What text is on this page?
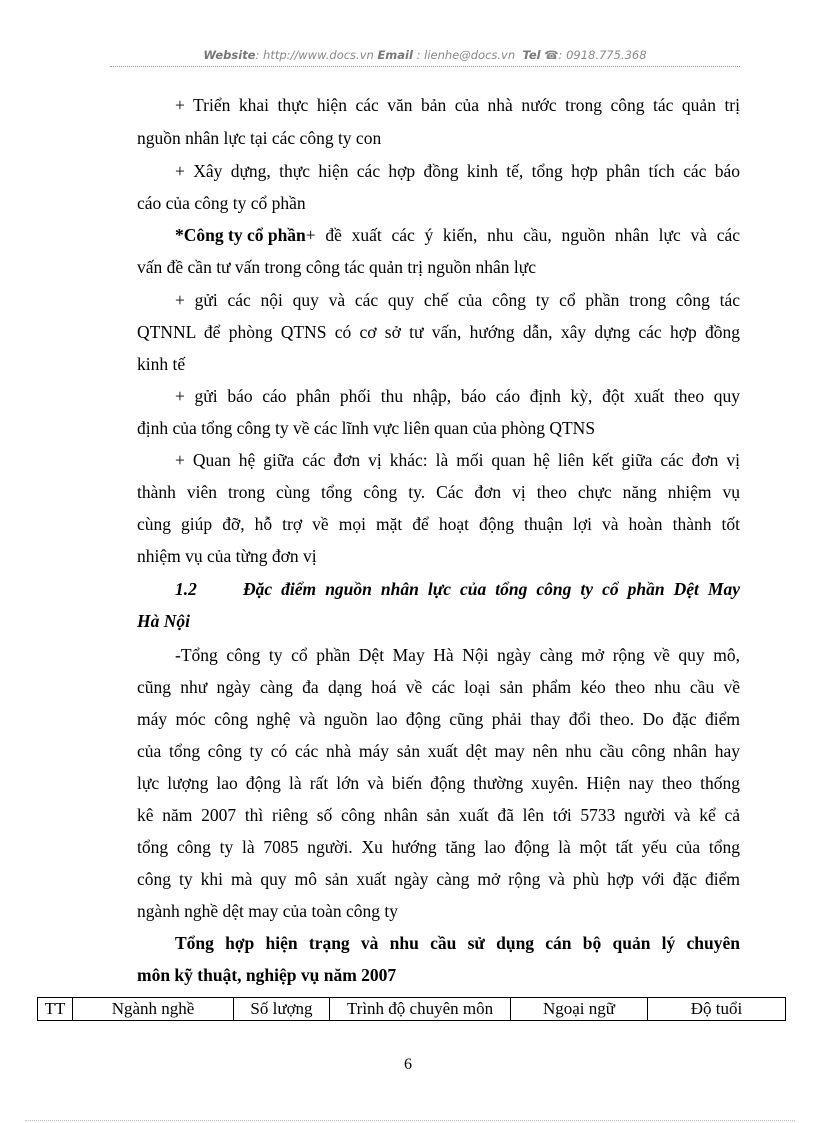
Website: http://www.docs.vn Email : lienhe@docs.vn Tel ☎: 0918.775.368
+ Triển khai thực hiện các văn bản của nhà nước trong công tác quản trị
nguồn nhân lực tại các công ty con
+ Xây dựng, thực hiện các hợp đồng kinh tế, tổng hợp phân tích các báo
cáo của công ty cổ phần
*Công ty cổ phần + đề xuất các ý kiến, nhu cầu, nguồn nhân lực và các
vấn đề cần tư vấn trong công tác quản trị nguồn nhân lực
+ gửi các nội quy và các quy chế của công ty cổ phần trong công tác
QTNNL để phòng QTNS có cơ sở tư vấn, hướng dẫn, xây dựng các hợp đồng
kinh tế
+ gửi báo cáo phân phối thu nhập, báo cáo định kỳ, đột xuất theo quy
định của tổng công ty về các lĩnh vực liên quan của phòng QTNS
+ Quan hệ giữa các đơn vị khác: là mối quan hệ liên kết giữa các đơn vị
thành viên trong cùng tổng công ty. Các đơn vị theo chực năng nhiệm vụ
cùng giúp đỡ, hỗ trợ về mọi mặt để hoạt động thuận lợi và hoàn thành tốt
nhiệm vụ của từng đơn vị
1.2	Đặc điểm nguồn nhân lực của tổng công ty cổ phần Dệt May
Hà Nội
-Tổng công ty cổ phần Dệt May Hà Nội ngày càng mở rộng về quy mô,
cũng như ngày càng đa dạng hoá về các loại sản phẩm kéo theo nhu cầu về
máy móc công nghệ và nguồn lao động cũng phải thay đổi theo. Do đặc điểm
của tổng công ty có các nhà máy sản xuất dệt may nên nhu cầu công nhân hay
lực lượng lao động là rất lớn và biến động thường xuyên. Hiện nay theo thống
kê năm 2007 thì riêng số công nhân sản xuất đã lên tới 5733 người và kể cả
tổng công ty là 7085 người. Xu hướng tăng lao động là một tất yếu của tổng
công ty khi mà quy mô sản xuất ngày càng mở rộng và phù hợp với đặc điểm
ngành nghề dệt may của toàn công ty
Tổng hợp hiện trạng và nhu cầu sử dụng cán bộ quản lý chuyên
môn kỹ thuật, nghiệp vụ năm 2007
TT	Ngành nghề	Số lượng	Trình độ chuyên môn	Ngoại ngữ	Độ tuổi
6
